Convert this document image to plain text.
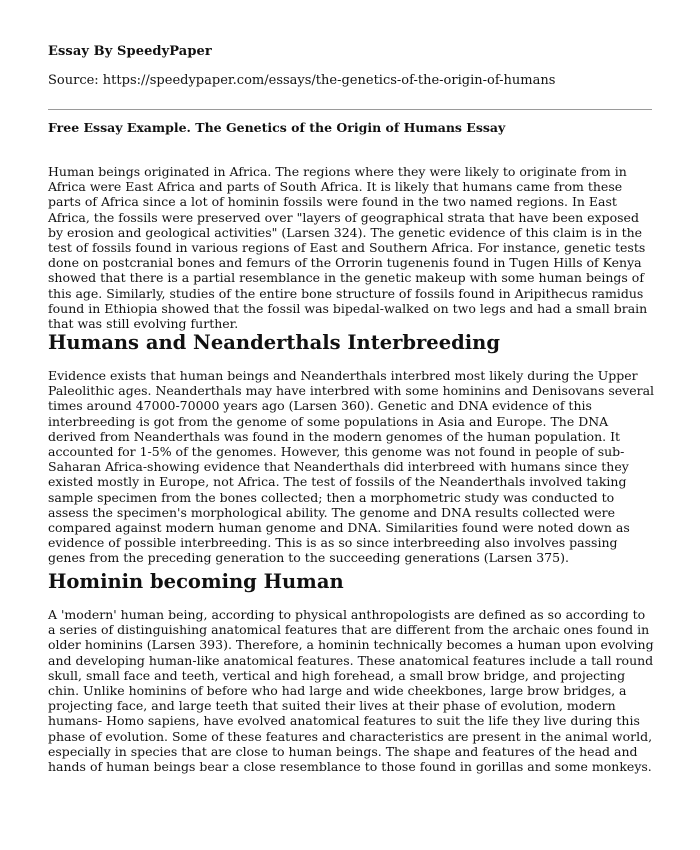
Essay By SpeedyPaper
Source: https://speedypaper.com/essays/the-genetics-of-the-origin-of-humans
Free Essay Example. The Genetics of the Origin of Humans Essay

Human beings originated in Africa. The regions where they were likely to originate from in Africa were East Africa and parts of South Africa. It is likely that humans came from these parts of Africa since a lot of hominin fossils were found in the two named regions. In East Africa, the fossils were preserved over "layers of geographical strata that have been exposed by erosion and geological activities" (Larsen 324). The genetic evidence of this claim is in the test of fossils found in various regions of East and Southern Africa. For instance, genetic tests done on postcranial bones and femurs of the Orrorin tugenenis found in Tugen Hills of Kenya showed that there is a partial resemblance in the genetic makeup with some human beings of this age. Similarly, studies of the entire bone structure of fossils found in Aripithecus ramidus found in Ethiopia showed that the fossil was bipedal-walked on two legs and had a small brain that was still evolving further.

Humans and Neanderthals Interbreeding

Evidence exists that human beings and Neanderthals interbred most likely during the Upper Paleolithic ages. Neanderthals may have interbred with some hominins and Denisovans several times around 47000-70000 years ago (Larsen 360). Genetic and DNA evidence of this interbreeding is got from the genome of some populations in Asia and Europe. The DNA derived from Neanderthals was found in the modern genomes of the human population. It accounted for 1-5% of the genomes. However, this genome was not found in people of sub-Saharan Africa-showing evidence that Neanderthals did interbreed with humans since they existed mostly in Europe, not Africa. The test of fossils of the Neanderthals involved taking sample specimen from the bones collected; then a morphometric study was conducted to assess the specimen's morphological ability. The genome and DNA results collected were compared against modern human genome and DNA. Similarities found were noted down as evidence of possible interbreeding. This is as so since interbreeding also involves passing genes from the preceding generation to the succeeding generations (Larsen 375).

Hominin becoming Human

A 'modern' human being, according to physical anthropologists are defined as so according to a series of distinguishing anatomical features that are different from the archaic ones found in older hominins (Larsen 393). Therefore, a hominin technically becomes a human upon evolving and developing human-like anatomical features. These anatomical features include a tall round skull, small face and teeth, vertical and high forehead, a small brow bridge, and projecting chin. Unlike hominins of before who had large and wide cheekbones, large brow bridges, a projecting face, and large teeth that suited their lives at their phase of evolution, modern humans- Homo sapiens, have evolved anatomical features to suit the life they live during this phase of evolution. Some of these features and characteristics are present in the animal world, especially in species that are close to human beings. The shape and features of the head and hands of human beings bear a close resemblance to those found in gorillas and some monkeys.
